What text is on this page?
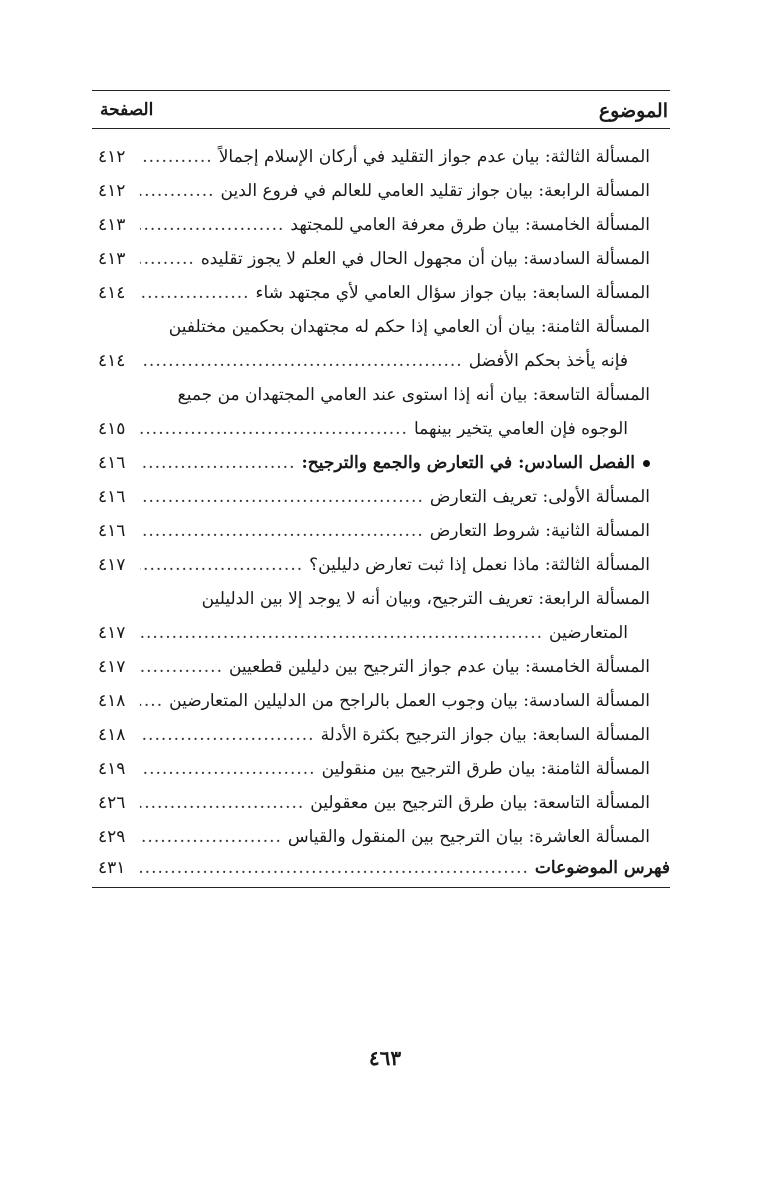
الموضوع
الصفحة
المسألة الثالثة: بيان عدم جواز التقليد في أركان الإسلام إجمالاً
.....
٤١٢
المسألة الرابعة: بيان جواز تقليد العامي للعالم في فروع الدين
.....
٤١٢
المسألة الخامسة: بيان طرق معرفة العامي للمجتهد
.....
٤١٣
المسألة السادسة: بيان أن مجهول الحال في العلم لا يجوز تقليده
.....
٤١٣
المسألة السابعة: بيان جواز سؤال العامي لأي مجتهد شاء
.....
٤١٤
المسألة الثامنة: بيان أن العامي إذا حكم له مجتهدان بحكمين مختلفين
فإنه يأخذ بحكم الأفضل
.....
٤١٤
المسألة التاسعة: بيان أنه إذا استوى عند العامي المجتهدان من جميع
الوجوه فإن العامي يتخير بينهما
.....
٤١٥
الفصل السادس: في التعارض والجمع والترجيح:
.....
٤١٦
المسألة الأولى: تعريف التعارض
.....
٤١٦
المسألة الثانية: شروط التعارض
.....
٤١٦
المسألة الثالثة: ماذا نعمل إذا ثبت تعارض دليلين؟
.....
٤١٧
المسألة الرابعة: تعريف الترجيح، وبيان أنه لا يوجد إلا بين الدليلين
المتعارضين
.....
٤١٧
المسألة الخامسة: بيان عدم جواز الترجيح بين دليلين قطعيين
.....
٤١٧
المسألة السادسة: بيان وجوب العمل بالراجح من الدليلين المتعارضين
.....
٤١٨
المسألة السابعة: بيان جواز الترجيح بكثرة الأدلة
.....
٤١٨
المسألة الثامنة: بيان طرق الترجيح بين منقولين
.....
٤١٩
المسألة التاسعة: بيان طرق الترجيح بين معقولين
.....
٤٢٦
المسألة العاشرة: بيان الترجيح بين المنقول والقياس
.....
٤٢٩
فهرس الموضوعات
.....
٤٣١
٤٦٣
